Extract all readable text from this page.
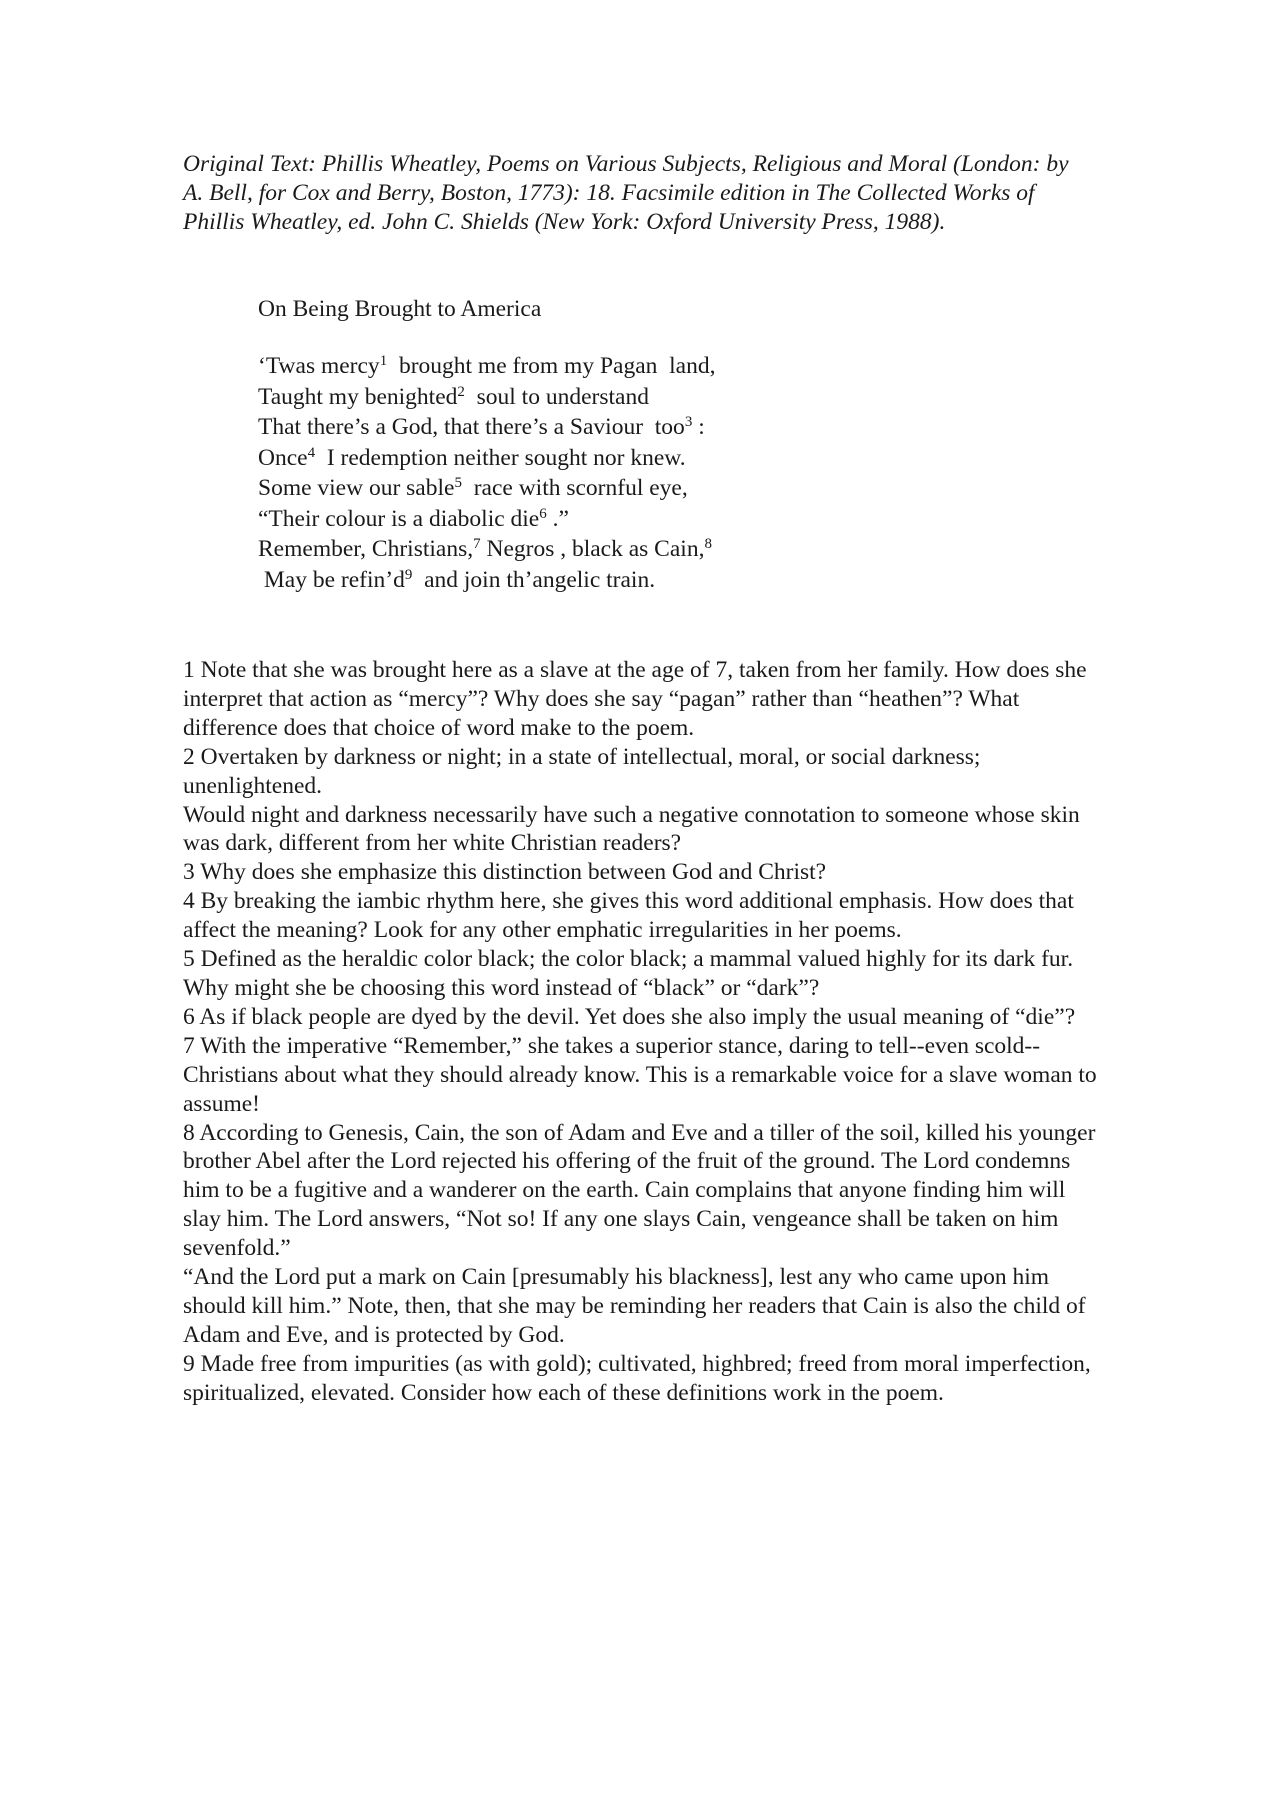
Original Text: Phillis Wheatley, Poems on Various Subjects, Religious and Moral (London: by A. Bell, for Cox and Berry, Boston, 1773): 18. Facsimile edition in The Collected Works of Phillis Wheatley, ed. John C. Shields (New York: Oxford University Press, 1988).

On Being Brought to America

‘Twas mercy$^1$  brought me from my Pagan  land,
Taught my benighted$^2$  soul to understand
That there’s a God, that there’s a Saviour  too$^3$ :
Once$^4$  I redemption neither sought nor knew.
Some view our sable$^5$  race with scornful eye,
“Their colour is a diabolic die$^6$ .”
Remember, Christians,$^7$ Negros , black as Cain,$^8$
May be $refin’d^9$  and join th’angelic train.

1 Note that she was brought here as a slave at the age of 7, taken from her family. How does she interpret that action as “mercy”? Why does she say “pagan” rather than “heathen”? What difference does that choice of word make to the poem.

2 Overtaken by darkness or night; in a state of intellectual, moral, or social darkness; unenlightened.

Would night and darkness necessarily have such a negative connotation to someone whose skin was dark, different from her white Christian readers?

3 Why does she emphasize this distinction between God and Christ?

4 By breaking the iambic rhythm here, she gives this word additional emphasis. How does that affect the meaning? Look for any other emphatic irregularities in her poems.

5 Defined as the heraldic color black; the color black; a mammal valued highly for its dark fur. Why might she be choosing this word instead of “black” or “dark”?

6 As if black people are dyed by the devil. Yet does she also imply the usual meaning of “die”?

7 With the imperative “Remember,” she takes a superior stance, daring to tell--even scold-- Christians about what they should already know. This is a remarkable voice for a slave woman to assume!

8 According to Genesis, Cain, the son of Adam and Eve and a tiller of the soil, killed his younger brother Abel after the Lord rejected his offering of the fruit of the ground. The Lord condemns him to be a fugitive and a wanderer on the earth. Cain complains that anyone finding him will slay him. The Lord answers, “Not so! If any one slays Cain, vengeance shall be taken on him sevenfold.”

“And the Lord put a mark on Cain [presumably his blackness], lest any who came upon him should kill him.” Note, then, that she may be reminding her readers that Cain is also the child of Adam and Eve, and is protected by God.

9 Made free from impurities (as with gold); cultivated, highbred; freed from moral imperfection, spiritualized, elevated. Consider how each of these definitions work in the poem.
